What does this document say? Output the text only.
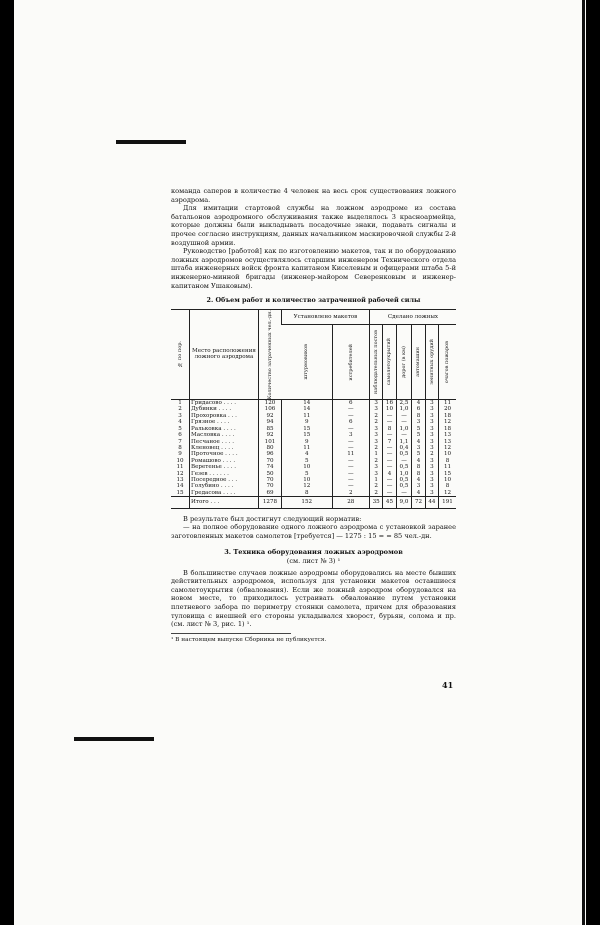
команда саперов в количестве 4 человек на весь срок существования ложного аэродрома.

Для имитации стартовой службы на ложном аэродроме из состава батальонов аэродромного обслуживания также выделялось 3 красноармейца, которые должны были выкладывать посадочные знаки, подавать сигналы и прочее согласно инструкциям, данных начальником маскировочной службы 2-й воздушной армии.

Руководство [работой] как по изготовлению макетов, так и по оборудованию ложных аэродромов осуществлялось старшим инженером Технического отдела штаба инженерных войск фронта капитаном Киселевым и офицерами штаба 5-й инженерно-минной бригады (инженер-майором Северенковым и инженер-капитаном Ушаковым).

2. Объем работ и количество затраченной рабочей силы
№ по пор.	Место расположения ложного аэродрома	Количество затраченных чел.-дн.	Установлено макетов		Сделано ложных					

			штурмовиков	истребителей	наблюдательных постов	самолетоукрытий	дорог (в км)	автомашин	зенитных орудий	очагов пожаров

1	Гридасово . . . .	120	14	6	3	16	2,5	4	3	11
2	Дубинки . . . .	106	14	—	3	10	1,0	6	3	20
3	Прохоровка . . .	92	11	—	2	—	—	8	3	18
4	Грязное . . . .	94	9	6	2	—	—	3	3	12
5	Ральковка . . . .	85	15	—	3	8	1,0	5	3	18
6	Масловка . . . .	92	15	3	3	—	—	5	3	13
7	Песчаное . . . .	101	9	—	3	7	1,1	4	3	13
8	Кленовец . . . .	80	11	—	2	—	0,4	3	3	12
9	Проточное . . . .	96	4	11	1	—	0,5	5	2	10
10	Ромашово . . . .	70	5	—	2	—	—	4	3	8
11	Веретенье . . . .	74	10	—	3	—	0,5	8	3	11
12	Гезев . . . . . .	50	5	—	3	4	1,0	8	3	15
13	Посередное . . .	70	10	—	1	—	0,5	4	3	10
14	Голубино . . . .	70	12	—	2	—	0,5	3	3	8
15	Гредасова . . . .	69	8	2	2	—	—	4	3	12
	Итого . . .	1278	152	28	35	45	9,0	72	44	191

В результате был достигнут следующий норматив:

— на полное оборудование одного ложного аэродрома с установкой заранее заготовленных макетов самолетов [требуется] — 1275 : 15 = = 85 чел.-дн.

3. Техника оборудования ложных аэродромов
(см. лист № 3) ¹

В большинстве случаев ложные аэродромы оборудовались на месте бывших действительных аэродромов, используя для установки макетов оставшиеся самолетоукрытия (обвалования). Если же ложный аэродром оборудовался на новом месте, то приходилось устраивать обвалование путем установки плетневого забора по периметру стоянки самолета, причем для образования туловища с внешней его стороны укладывался хворост, бурьян, солома и пр. (см. лист № 3, рис. 1) ¹.

¹ В настоящем выпуске Сборника не публикуется.
41
